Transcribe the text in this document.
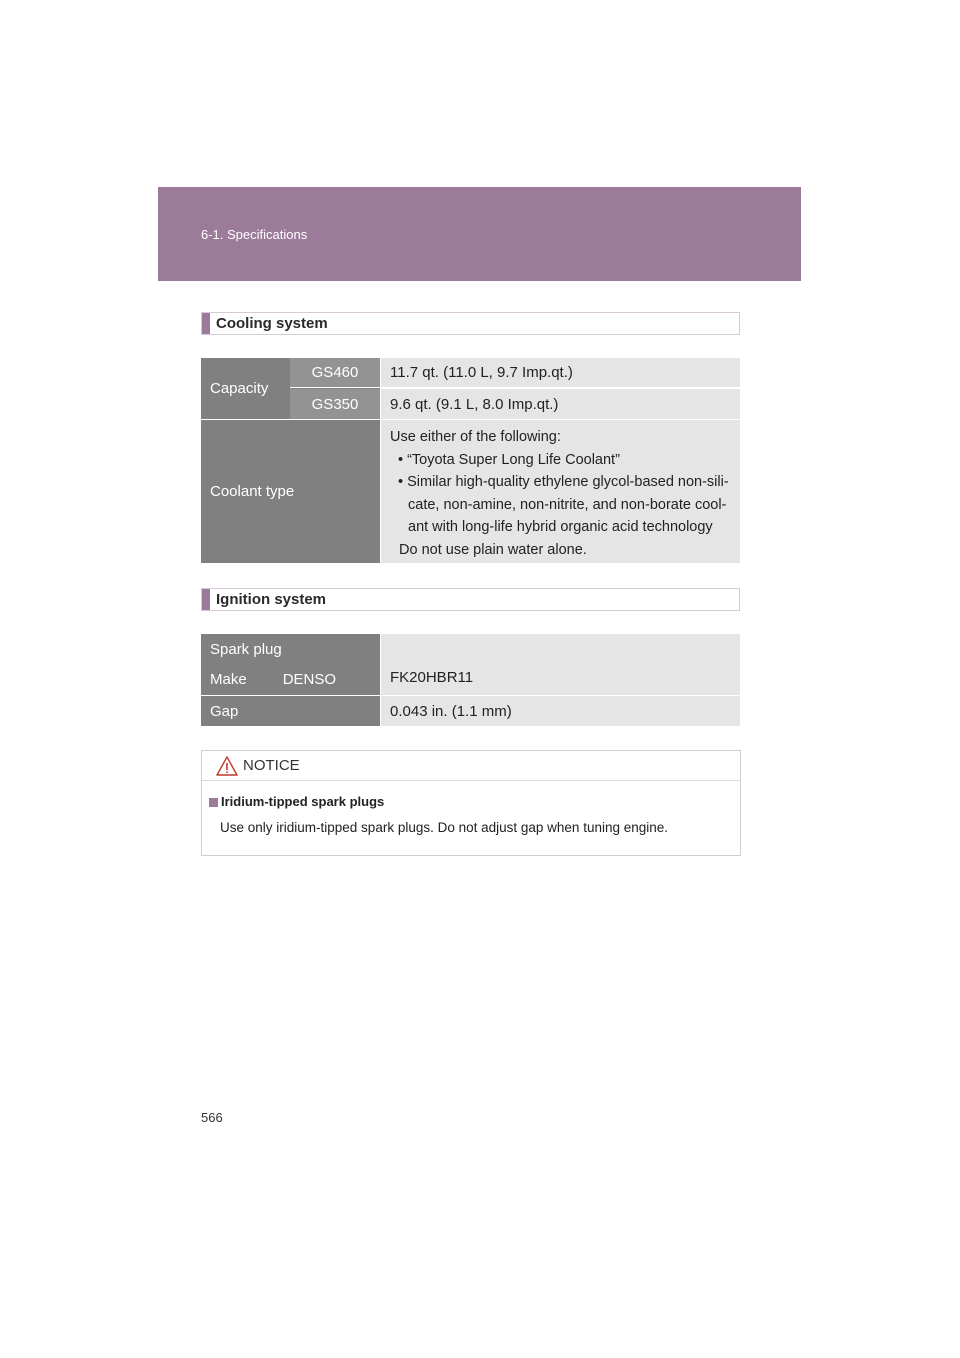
6-1. Specifications
Cooling system
Capacity
GS460 11.7 qt. (11.0 L, 9.7 Imp.qt.)
GS350 9.6 qt. (9.1 L, 8.0 Imp.qt.)
Coolant type
Use either of the following:
• “Toyota Super Long Life Coolant”
• Similar high-quality ethylene glycol-based non-sili-
cate, non-amine, non-nitrite, and non-borate cool-
ant with long-life hybrid organic acid technology
Do not use plain water alone.
Ignition system
Spark plug
Make DENSO	FK20HBR11
Gap	0.043 in. (1.1 mm)
NOTICE
Iridium-tipped spark plugs
Use only iridium-tipped spark plugs. Do not adjust gap when tuning engine.
566
